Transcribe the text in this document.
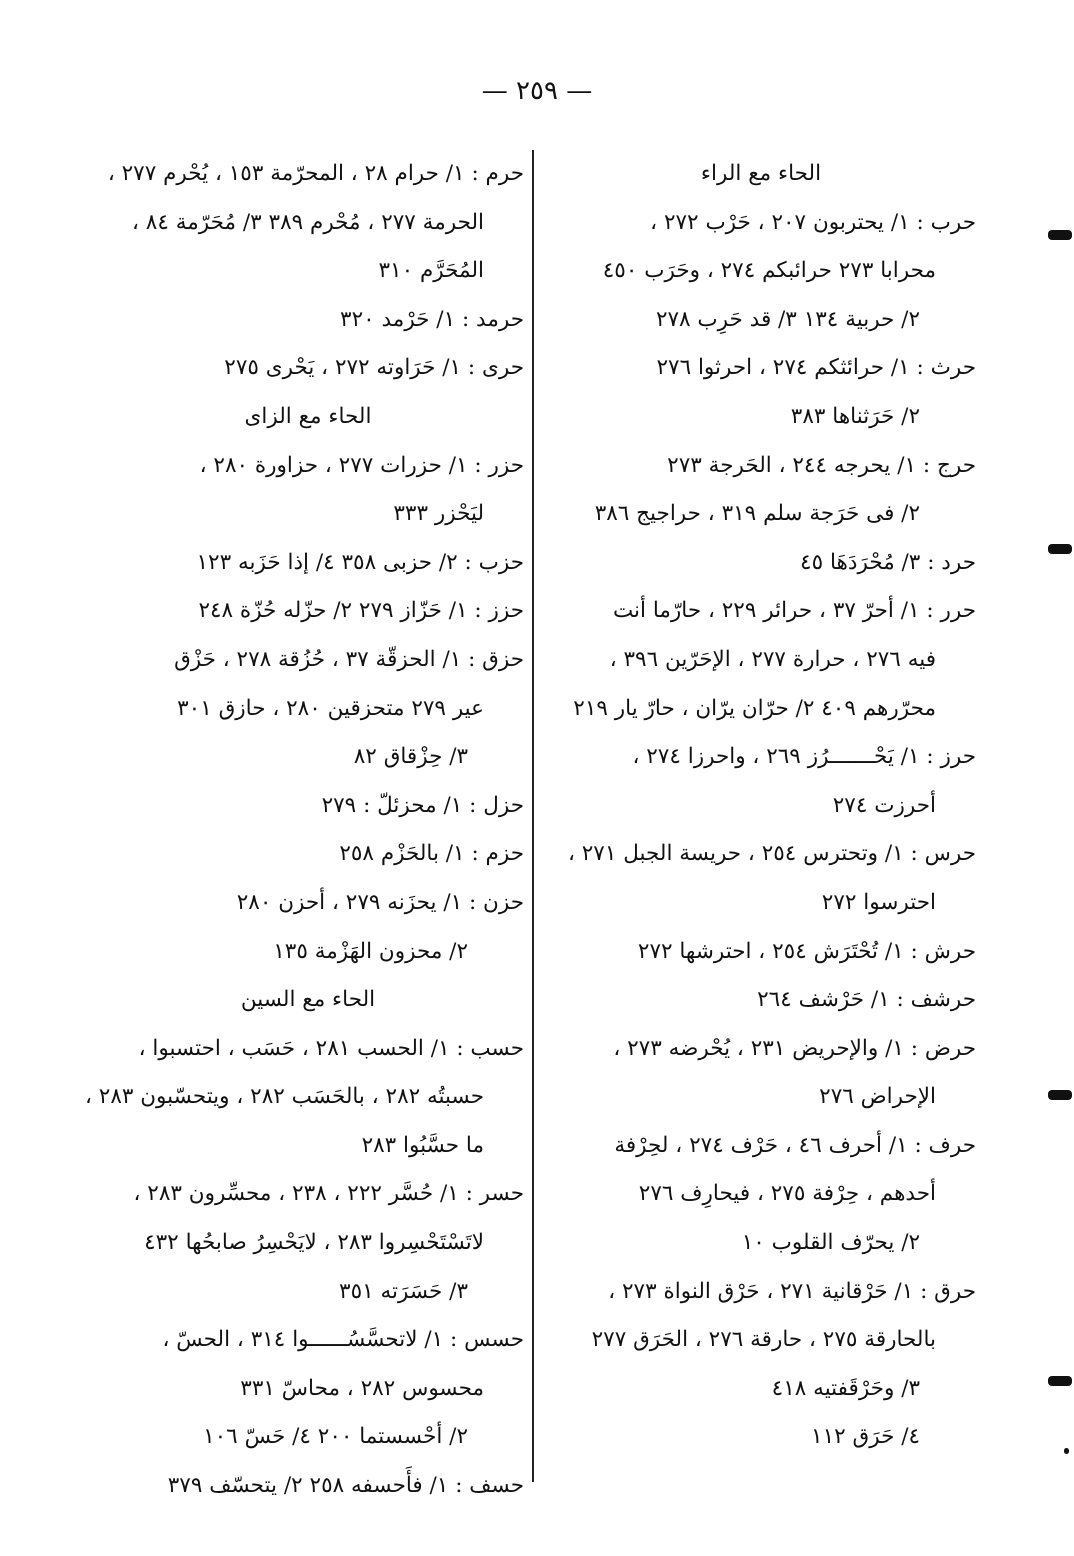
— ٢٥٩ —
الحاء مع الراء
حرب : ١/ يحتربون ٢٠٧ ، حَرْب ٢٧٢ ،
محرابا ٢٧٣ حرائبكم ٢٧٤ ، وحَرَب ٤٥٠
٢/ حربية ١٣٤ ٣/ قد حَرِب ٢٧٨
حرث : ١/ حرائثكم ٢٧٤ ، احرثوا ٢٧٦
٢/ حَرَثناها ٣٨٣
حرج : ١/ يحرجه ٢٤٤ ، الحَرجة ٢٧٣
٢/ فى حَرَجة سلم ٣١٩ ، حراجيج ٣٨٦
حرد : ٣/ مُحْرَدَهَا ٤٥
حرر : ١/ أحرّ ٣٧ ، حرائر ٢٢٩ ، حارّما أنت
فيه ٢٧٦ ، حرارة ٢٧٧ ، الإحَرّين ٣٩٦ ،
محرّرهم ٤٠٩ ٢/ حرّان يرّان ، حارّ يار ٢١٩
حرز : ١/ يَحْـــــــرُز ٢٦٩ ، واحرزا ٢٧٤ ،
أحرزت ٢٧٤
حرس : ١/ وتحترس ٢٥٤ ، حريسة الجبل ٢٧١ ،
احترسوا ٢٧٢
حرش : ١/ تُحْتَرَش ٢٥٤ ، احترشها ٢٧٢
حرشف : ١/ حَرْشف ٢٦٤
حرض : ١/ والإحريض ٢٣١ ، يُحْرضه ٢٧٣ ،
الإحراض ٢٧٦
حرف : ١/ أحرف ٤٦ ، حَرْف ٢٧٤ ، لحِرْفة
أحدهم ، حِرْفة ٢٧٥ ، فيحارِف ٢٧٦
٢/ يحرّف القلوب ١٠
حرق : ١/ حَرْقانية ٢٧١ ، حَرْق النواة ٢٧٣ ،
بالحارقة ٢٧٥ ، حارقة ٢٧٦ ، الحَرَق ٢٧٧
٣/ وحَرْقَفتيه ٤١٨
٤/ حَرَق ١١٢
حرم : ١/ حرام ٢٨ ، المحرّمة ١٥٣ ، يُحْرم ٢٧٧ ،
الحرمة ٢٧٧ ، مُحْرم ٣٨٩ ٣/ مُحَرّمة ٨٤ ،
المُحَرَّم ٣١٠
حرمد : ١/ حَرْمد ٣٢٠
حرى : ١/ حَرَاوته ٢٧٢ ، يَحْرى ٢٧٥
الحاء مع الزاى
حزر : ١/ حزرات ٢٧٧ ، حزاورة ٢٨٠ ،
ليَحْزر ٣٣٣
حزب : ٢/ حزبى ٣٥٨ ٤/ إذا حَزَبه ١٢٣
حزز : ١/ حَزّاز ٢٧٩ ٢/ حزّله حُزّة ٢٤٨
حزق : ١/ الحزقّة ٣٧ ، حُزُقة ٢٧٨ ، حَزْق
عير ٢٧٩ متحزقين ٢٨٠ ، حازق ٣٠١
٣/ حِزْقاق ٨٢
حزل : ١/ محزئلّ : ٢٧٩
حزم : ١/ بالحَزْم ٢٥٨
حزن : ١/ يحزَنه ٢٧٩ ، أحزن ٢٨٠
٢/ محزون الهَزْمة ١٣٥
الحاء مع السين
حسب : ١/ الحسب ٢٨١ ، حَسَب ، احتسبوا ،
حسبتُه ٢٨٢ ، بالحَسَب ٢٨٢ ، ويتحسّبون ٢٨٣ ،
ما حسَّبُوا ٢٨٣
حسر : ١/ حُسَّر ٢٢٢ ، ٢٣٨ ، محسِّرون ٢٨٣ ،
لاتَسْتَحْسِروا ٢٨٣ ، لايَحْسِرُ صابحُها ٤٣٢
٣/ حَسَرَته ٣٥١
حسس : ١/ لاتحسَّسُــــــوا ٣١٤ ، الحسّ ،
محسوس ٢٨٢ ، محاسّ ٣٣١
٢/ أحْسستما ٢٠٠ ٤/ حَسّ ١٠٦
حسف : ١/ فأَحسفه ٢٥٨ ٢/ يتحسّف ٣٧٩
